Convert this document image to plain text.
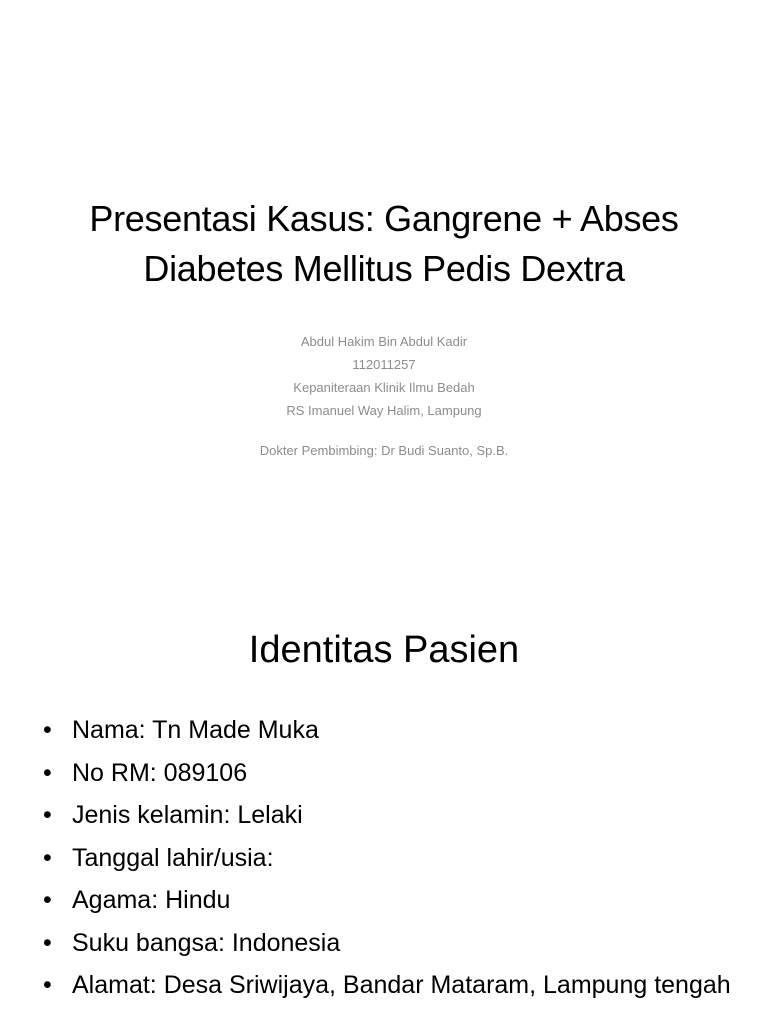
Presentasi Kasus: Gangrene + Abses
Diabetes Mellitus Pedis Dextra
Abdul Hakim Bin Abdul Kadir
112011257
Kepaniteraan Klinik Ilmu Bedah
RS Imanuel Way Halim, Lampung
Dokter Pembimbing: Dr Budi Suanto, Sp.B.
Identitas Pasien
• Nama: Tn Made Muka
• No RM: 089106
• Jenis kelamin: Lelaki
• Tanggal lahir/usia:
• Agama: Hindu
• Suku bangsa: Indonesia
• Alamat: Desa Sriwijaya, Bandar Mataram, Lampung tengah
